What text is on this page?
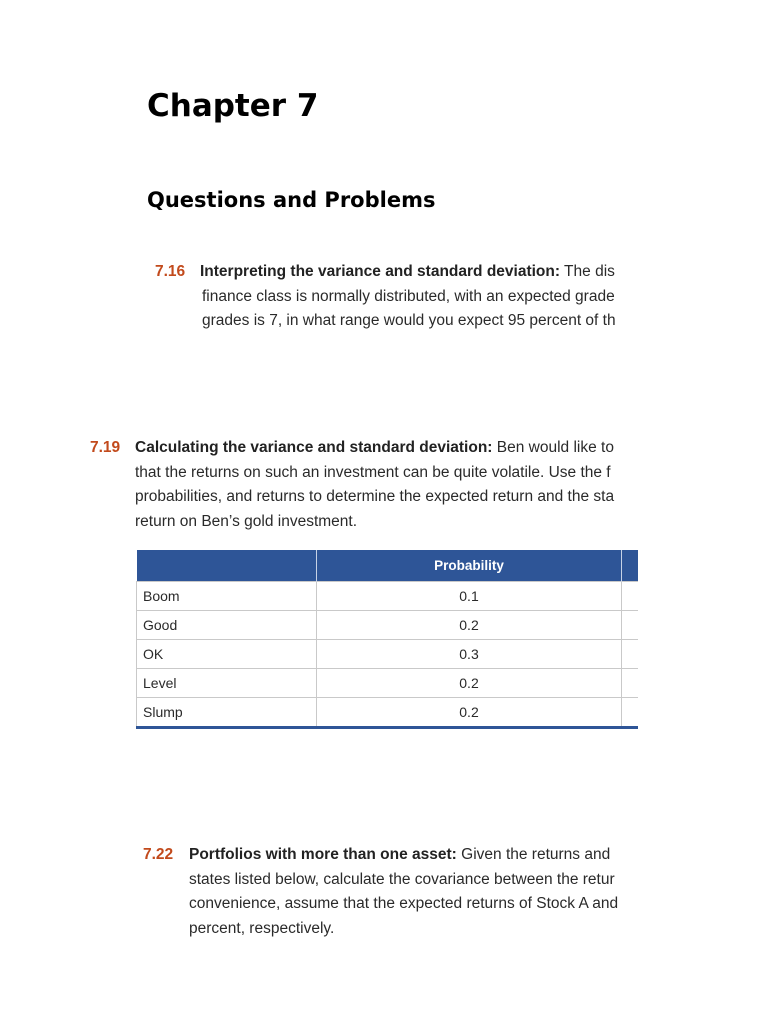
Chapter 7
Questions and Problems
7.16 Interpreting the variance and standard deviation: The dis
finance class is normally distributed, with an expected grade
grades is 7, in what range would you expect 95 percent of th
7.19 Calculating the variance and standard deviation: Ben would like to
that the returns on such an investment can be quite volatile. Use the f
probabilities, and returns to determine the expected return and the sta
return on Ben’s gold investment.
	Probability	
Boom	0.1	
Good	0.2	
OK	0.3	
Level	0.2	
Slump	0.2	
7.22 Portfolios with more than one asset: Given the returns and
states listed below, calculate the covariance between the retur
convenience, assume that the expected returns of Stock A and
percent, respectively.
